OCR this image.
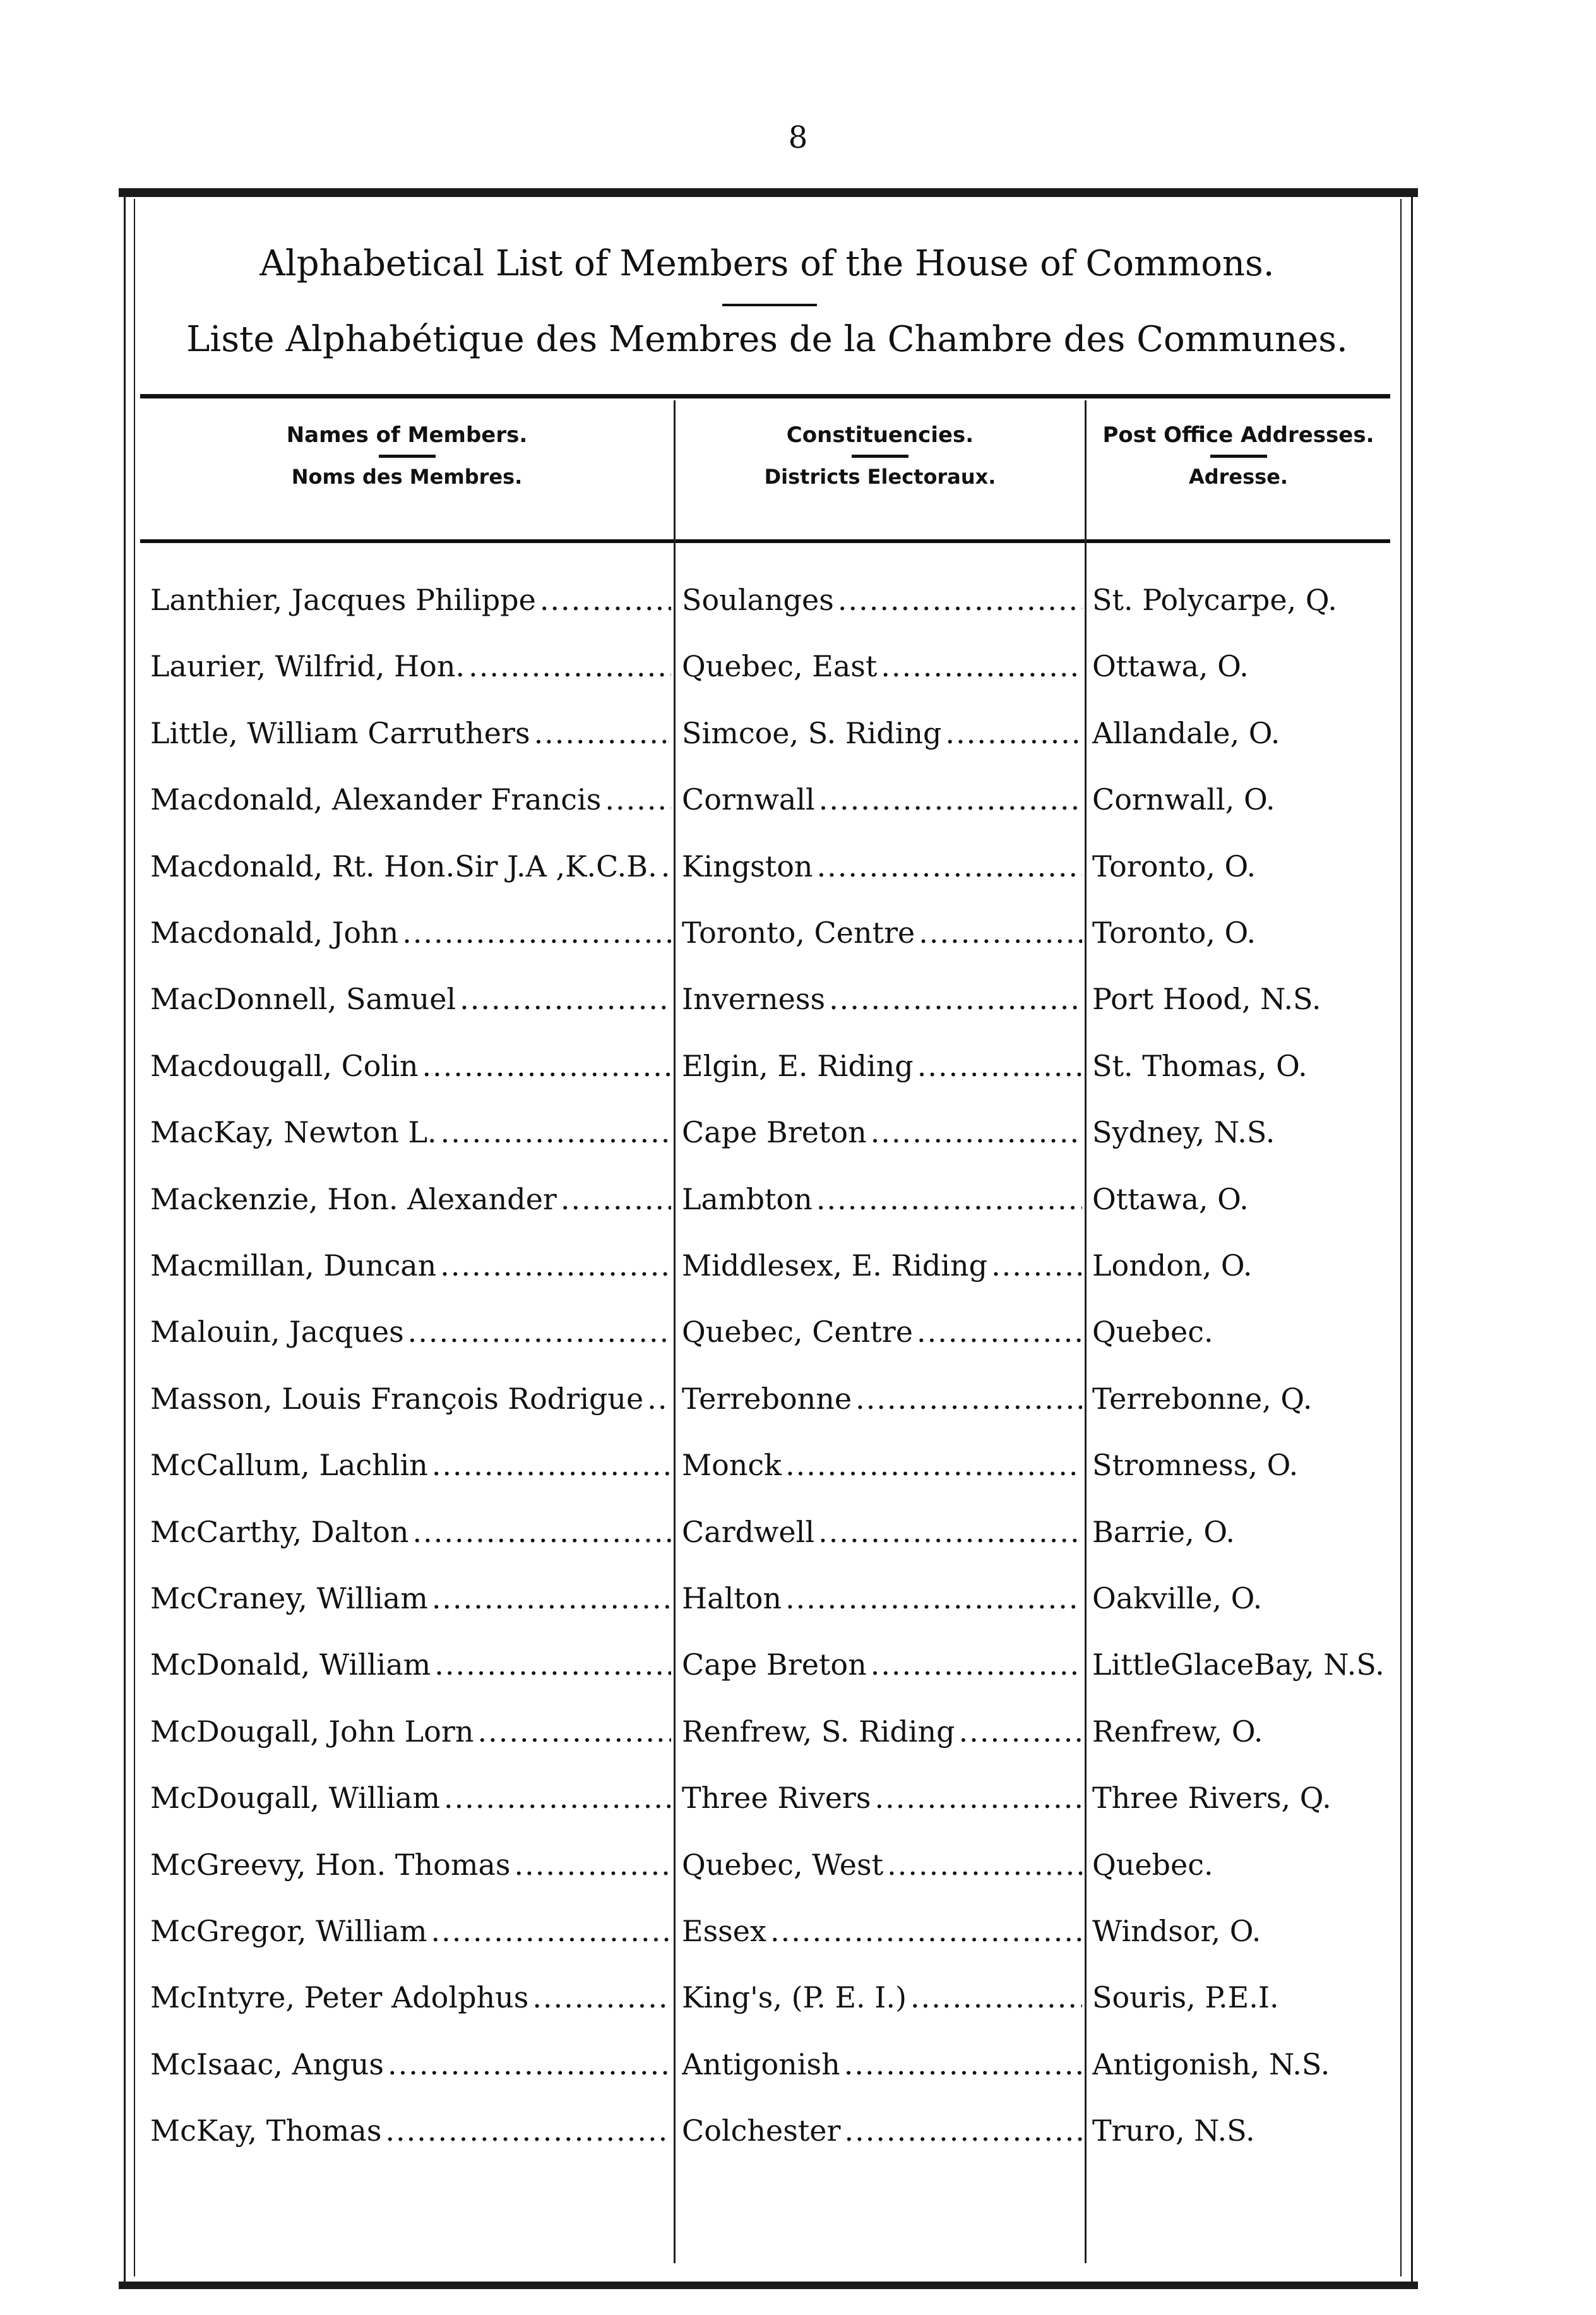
8
Alphabetical List of Members of the House of Commons.
Liste Alphabétique des Membres de la Chambre des Communes.
Names of Members.
Noms des Membres.
Constituencies.
Districts Electoraux.
Post Office Addresses.
Adresse.
Lanthier, Jacques Philippe .....	Soulanges .....	St. Polycarpe, Q.
Laurier, Wilfrid, Hon. .....	Quebec, East .....	Ottawa, O.
Little, William Carruthers .....	Simcoe, S. Riding .....	Allandale, O.
Macdonald, Alexander Francis .....	Cornwall .....	Cornwall, O.
Macdonald, Rt. Hon.Sir J.A ,K.C.B. ..... Kingston .....	Toronto, O.
Macdonald, John .....	Toronto, Centre .....	Toronto, O.
MacDonnell, Samuel .....	Inverness .....	Port Hood, N.S.
Macdougall, Colin .....	Elgin, E. Riding .....	St. Thomas, O.
MacKay, Newton L. .....	Cape Breton .....	Sydney, N.S.
Mackenzie, Hon. Alexander .....	Lambton .....	Ottawa, O.
Macmillan, Duncan .....	Middlesex, E. Riding .....	London, O.
Malouin, Jacques .....	Quebec, Centre .....	Quebec.
Masson, Louis François Rodrigue ..... Terrebonne .....	Terrebonne, Q.
McCallum, Lachlin .....	Monck .....	Stromness, O.
McCarthy, Dalton .....	Cardwell .....	Barrie, O.
McCraney, William .....	Halton .....	Oakville, O.
McDonald, William .....	Cape Breton .....	LittleGlaceBay, N.S.
McDougall, John Lorn .....	Renfrew, S. Riding .....	Renfrew, O.
McDougall, William .....	Three Rivers .....	Three Rivers, Q.
McGreevy, Hon. Thomas .....	Quebec, West .....	Quebec.
McGregor, William .....	Essex .....	Windsor, O.
McIntyre, Peter Adolphus .....	King's, (P. E. I.) .....	Souris, P.E.I.
McIsaac, Angus .....	Antigonish .....	Antigonish, N.S.
McKay, Thomas .....	Colchester .....	Truro, N.S.
